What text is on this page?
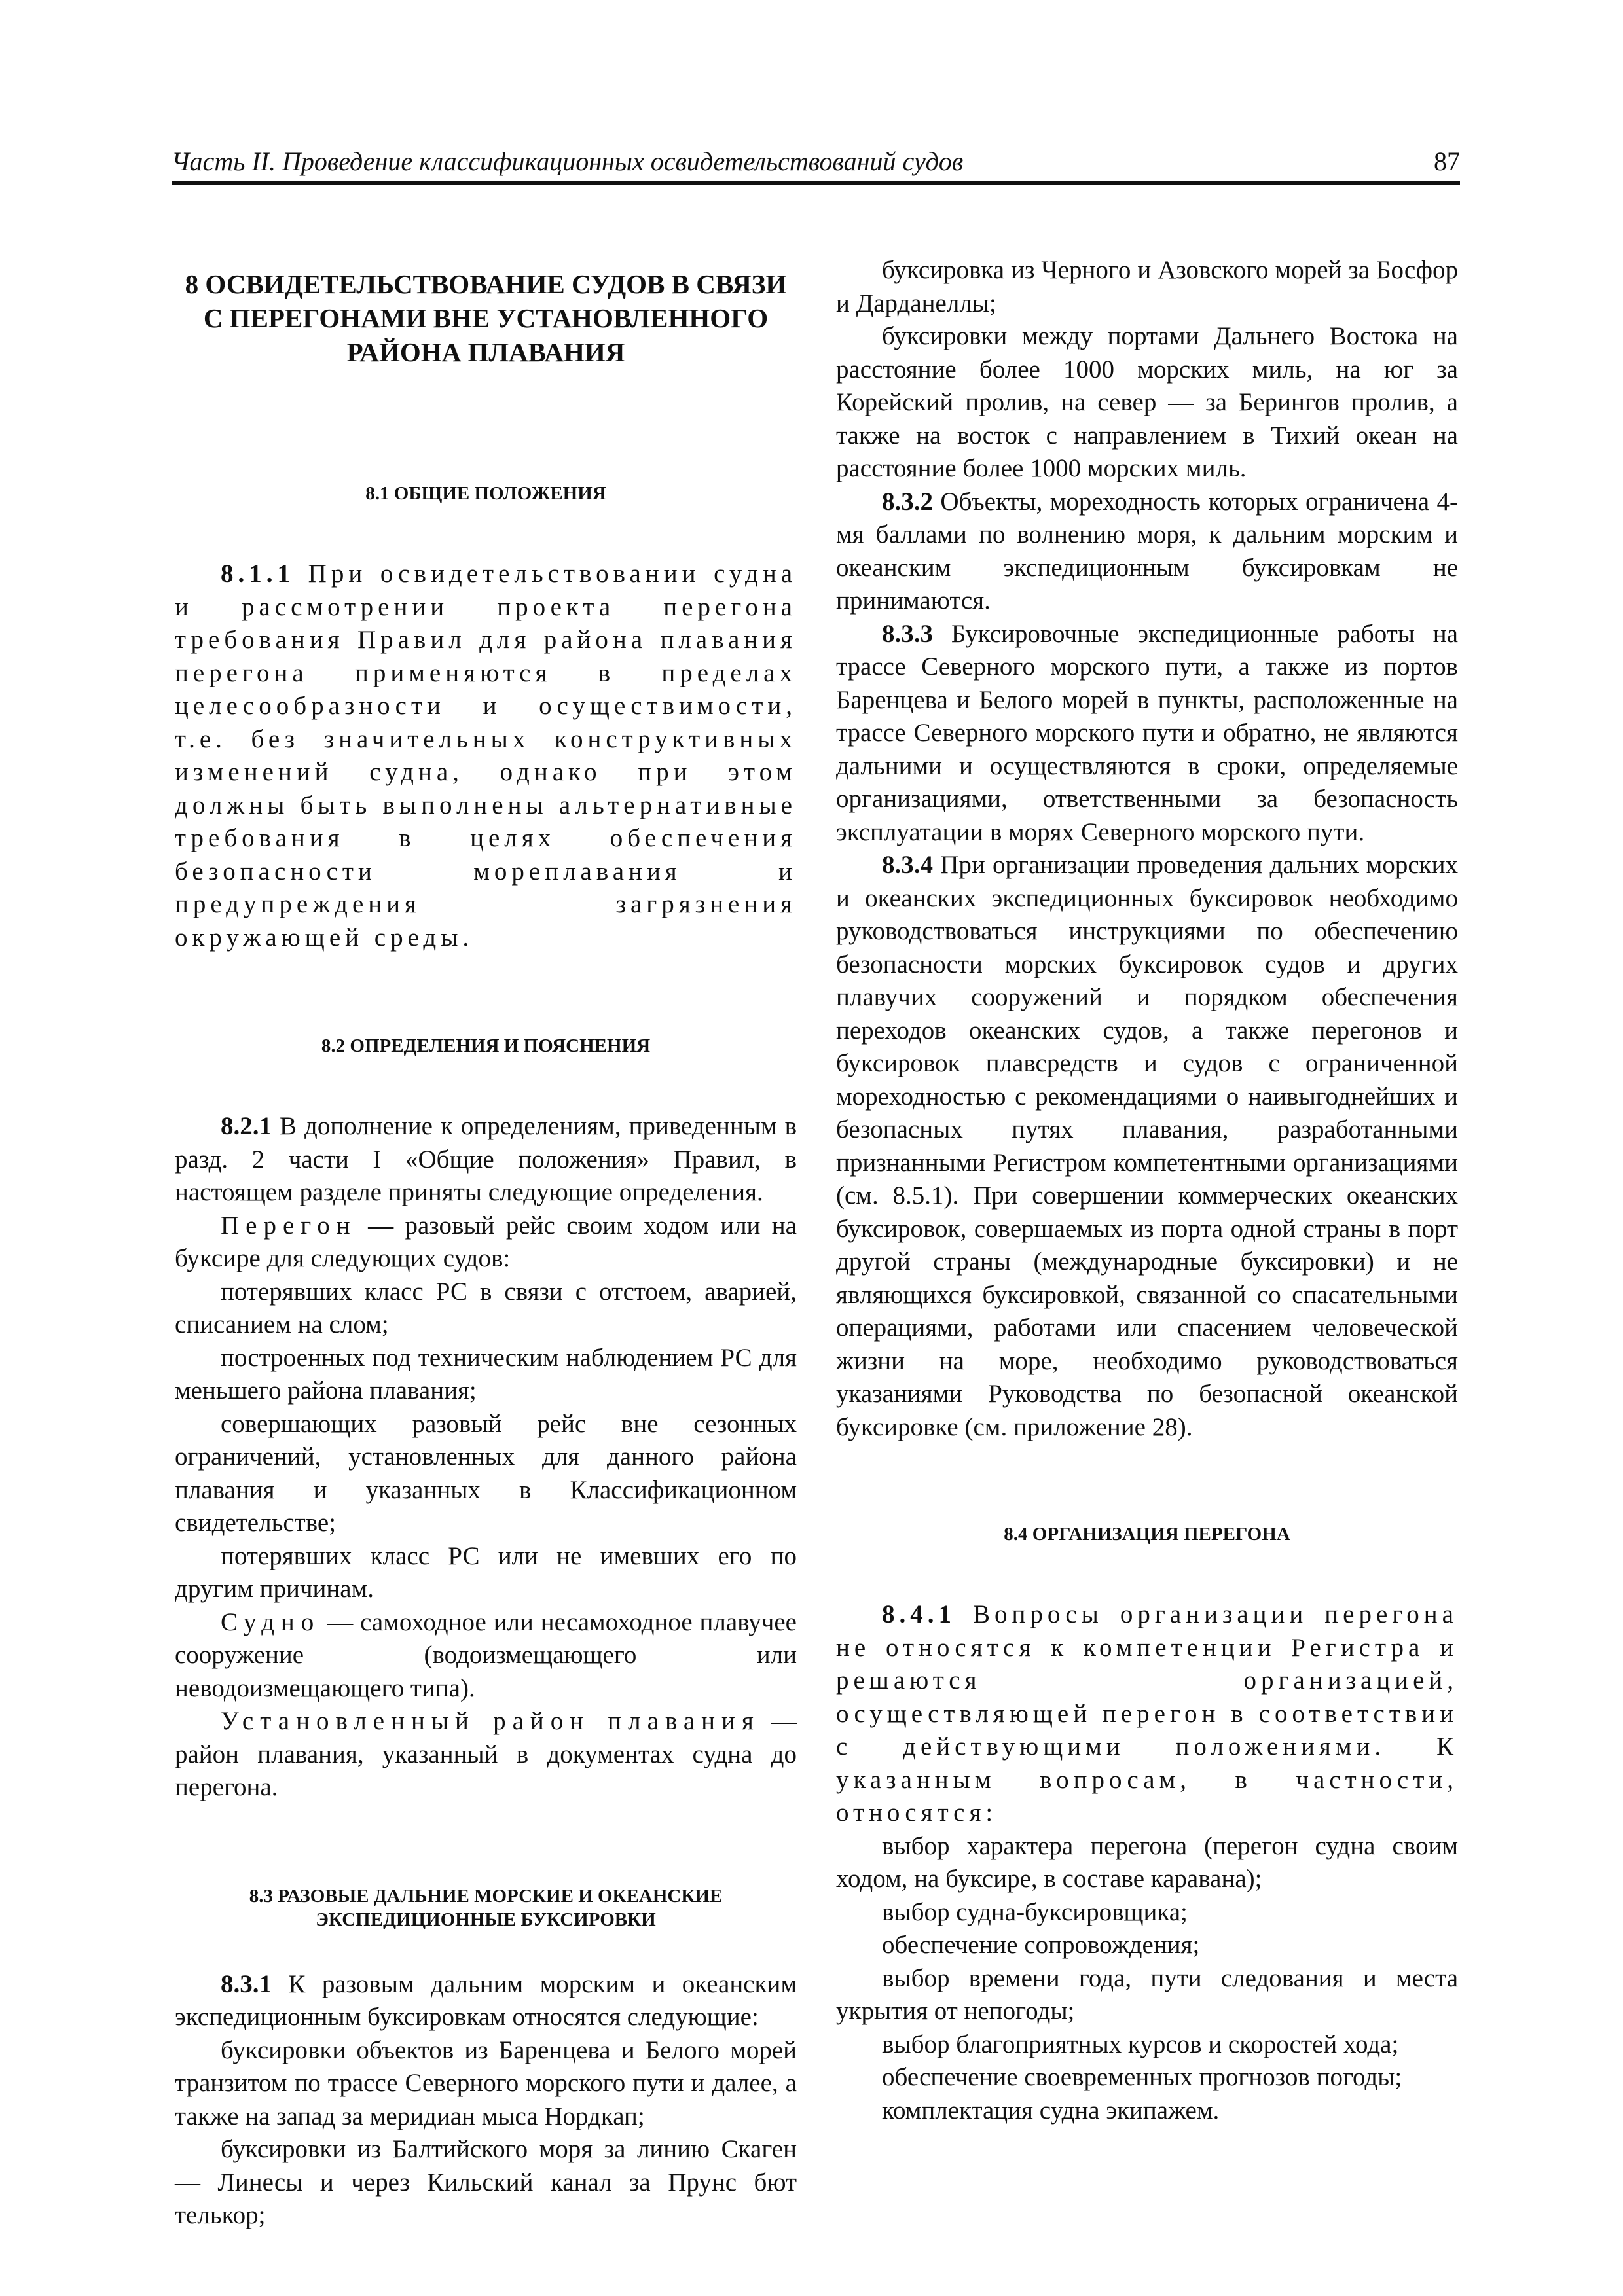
Часть II. Проведение классификационных освидетельствований судов	87
8 ОСВИДЕТЕЛЬСТВОВАНИЕ СУДОВ В СВЯЗИ
С ПЕРЕГОНАМИ ВНЕ УСТАНОВЛЕННОГО
РАЙОНА ПЛАВАНИЯ
8.1 ОБЩИЕ ПОЛОЖЕНИЯ

8.1.1 При освидетельствовании судна и рассмотрении проекта перегона требования Правил для района плавания перегона применяются в пределах целесообразности и осуществимости, т.е. без значительных конструктивных изменений судна, однако при этом должны быть выполнены альтернативные требования в целях обеспечения безопасности мореплавания и предупреждения загрязнения окружающей среды.

8.2 ОПРЕДЕЛЕНИЯ И ПОЯСНЕНИЯ

8.2.1 В дополнение к определениям, приведенным в разд. 2 части I «Общие положения» Правил, в настоящем разделе приняты следующие определения.

Перегон — разовый рейс своим ходом или на буксире для следующих судов:

потерявших класс РС в связи с отстоем, аварией, списанием на слом;

построенных под техническим наблюдением РС для меньшего района плавания;

совершающих разовый рейс вне сезонных ограничений, установленных для данного района плавания и указанных в Классификационном свидетельстве;

потерявших класс РС или не имевших его по другим причинам.

Судно — самоходное или несамоходное плавучее сооружение (водоизмещающего или неводоизмещающего типа).

Установленный район плавания — район плавания, указанный в документах судна до перегона.

8.3 РАЗОВЫЕ ДАЛЬНИЕ МОРСКИЕ И ОКЕАНСКИЕ
ЭКСПЕДИЦИОННЫЕ БУКСИРОВКИ

8.3.1 К разовым дальним морским и океанским экспедиционным буксировкам относятся следующие:

буксировки объектов из Баренцева и Белого морей транзитом по трассе Северного морского пути и далее, а также на запад за меридиан мыса Нордкап;

буксировки из Балтийского моря за линию Скаген — Линесы и через Кильский канал за Прунс бют телькор;

буксировка из Черного и Азовского морей за Босфор и Дарданеллы;

буксировки между портами Дальнего Востока на расстояние более 1000 морских миль, на юг за Корейский пролив, на север — за Берингов пролив, а также на восток с направлением в Тихий океан на расстояние более 1000 морских миль.

8.3.2 Объекты, мореходность которых ограничена 4-мя баллами по волнению моря, к дальним морским и океанским экспедиционным буксировкам не принимаются.

8.3.3 Буксировочные экспедиционные работы на трассе Северного морского пути, а также из портов Баренцева и Белого морей в пункты, расположенные на трассе Северного морского пути и обратно, не являются дальними и осуществляются в сроки, определяемые организациями, ответственными за безопасность эксплуатации в морях Северного морского пути.

8.3.4 При организации проведения дальних морских и океанских экспедиционных буксировок необходимо руководствоваться инструкциями по обеспечению безопасности морских буксировок судов и других плавучих сооружений и порядком обеспечения переходов океанских судов, а также перегонов и буксировок плавсредств и судов с ограниченной мореходностью с рекомендациями о наивыгоднейших и безопасных путях плавания, разработанными признанными Регистром компетентными организациями (см. 8.5.1). При совершении коммерческих океанских буксировок, совершаемых из порта одной страны в порт другой страны (международные буксировки) и не являющихся буксировкой, связанной со спасательными операциями, работами или спасением человеческой жизни на море, необходимо руководствоваться указаниями Руководства по безопасной океанской буксировке (см. приложение 28).

8.4 ОРГАНИЗАЦИЯ ПЕРЕГОНА

8.4.1 Вопросы организации перегона не относятся к компетенции Регистра и решаются организацией, осуществляющей перегон в соответствии с действующими положениями. К указанным вопросам, в частности, относятся:

выбор характера перегона (перегон судна своим ходом, на буксире, в составе каравана);

выбор судна-буксировщика;

обеспечение сопровождения;

выбор времени года, пути следования и места укрытия от непогоды;

выбор благоприятных курсов и скоростей хода;

обеспечение своевременных прогнозов погоды;

комплектация судна экипажем.
